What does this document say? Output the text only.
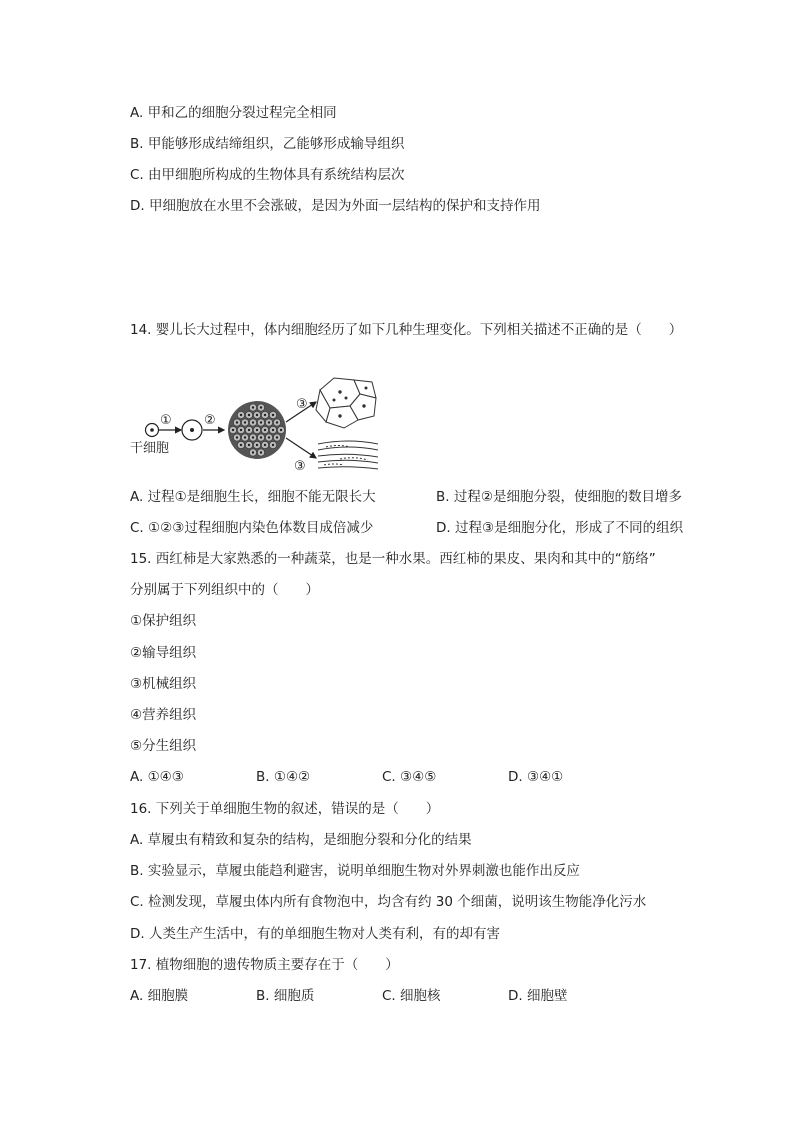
A. 甲和乙的细胞分裂过程完全相同
B. 甲能够形成结缔组织，乙能够形成输导组织
C. 由甲细胞所构成的生物体具有系统结构层次
D. 甲细胞放在水里不会涨破，是因为外面一层结构的保护和支持作用
14. 婴儿长大过程中，体内细胞经历了如下几种生理变化。下列相关描述不正确的是（　　）
① ②
③
③
干细胞
A. 过程①是细胞生长，细胞不能无限长大	B. 过程②是细胞分裂，使细胞的数目增多
C. ①②③过程细胞内染色体数目成倍减少	D. 过程③是细胞分化，形成了不同的组织
15. 西红柿是大家熟悉的一种蔬菜，也是一种水果。西红柿的果皮、果肉和其中的“筋络”
分别属于下列组织中的（　　）
①保护组织
②输导组织
③机械组织
④营养组织
⑤分生组织
A. ①④③	B. ①④②	C. ③④⑤	D. ③④①
16. 下列关于单细胞生物的叙述，错误的是（　　）
A. 草履虫有精致和复杂的结构，是细胞分裂和分化的结果
B. 实验显示，草履虫能趋利避害，说明单细胞生物对外界刺激也能作出反应
C. 检测发现，草履虫体内所有食物泡中，均含有约 30 个细菌，说明该生物能净化污水
D. 人类生产生活中，有的单细胞生物对人类有利，有的却有害
17. 植物细胞的遗传物质主要存在于（　　）
A. 细胞膜	B. 细胞质	C. 细胞核	D. 细胞壁
